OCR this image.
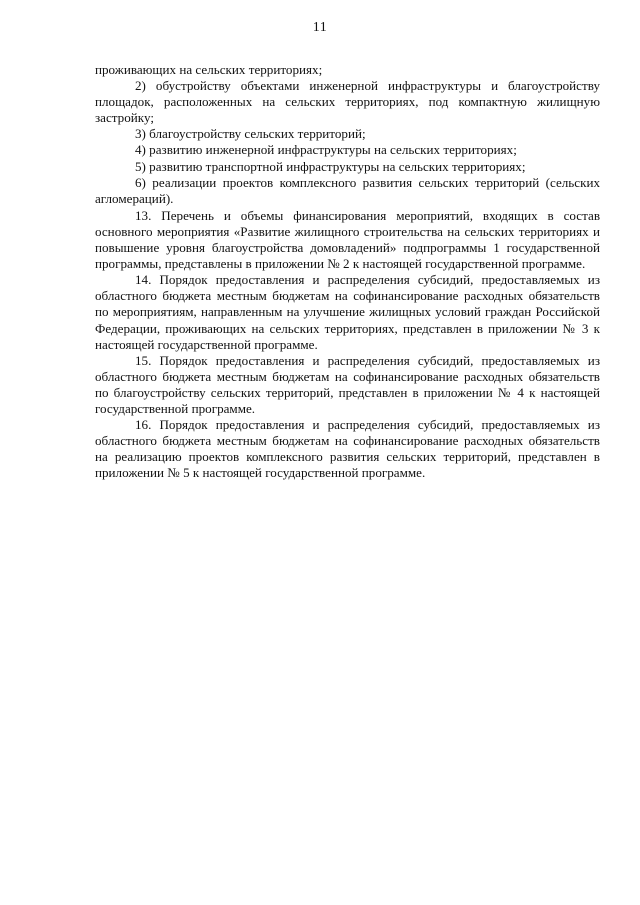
11

проживающих на сельских территориях;

2) обустройству объектами инженерной инфраструктуры и благоустройству площадок, расположенных на сельских территориях, под компактную жилищную застройку;

3) благоустройству сельских территорий;

4) развитию инженерной инфраструктуры на сельских территориях;

5) развитию транспортной инфраструктуры на сельских территориях;

6) реализации проектов комплексного развития сельских территорий (сельских агломераций).

13. Перечень и объемы финансирования мероприятий, входящих в состав основного мероприятия «Развитие жилищного строительства на сельских территориях и повышение уровня благоустройства домовладений» подпрограммы 1 государственной программы, представлены в приложении № 2 к настоящей государственной программе.

14. Порядок предоставления и распределения субсидий, предоставляемых из областного бюджета местным бюджетам на софинансирование расходных обязательств по мероприятиям, направленным на улучшение жилищных условий граждан Российской Федерации, проживающих на сельских территориях, представлен в приложении № 3 к настоящей государственной программе.

15. Порядок предоставления и распределения субсидий, предоставляемых из областного бюджета местным бюджетам на софинансирование расходных обязательств по благоустройству сельских территорий, представлен в приложении № 4 к настоящей государственной программе.

16. Порядок предоставления и распределения субсидий, предоставляемых из областного бюджета местным бюджетам на софинансирование расходных обязательств на реализацию проектов комплексного развития сельских территорий, представлен в приложении № 5 к настоящей государственной программе.
